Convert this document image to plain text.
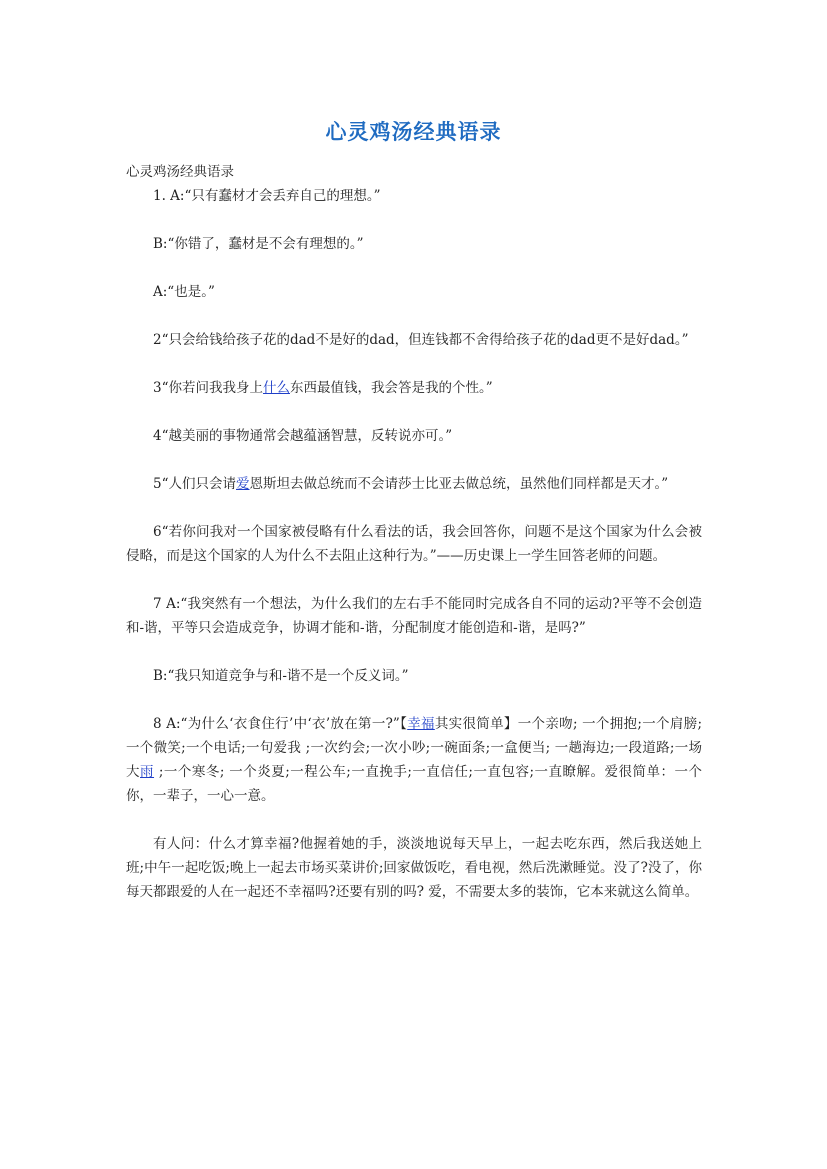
心灵鸡汤经典语录
心灵鸡汤经典语录

1. A:“只有蠢材才会丢弃自己的理想。”

B:“你错了，蠢材是不会有理想的。”

A:“也是。”

2“只会给钱给孩子花的dad不是好的dad，但连钱都不舍得给孩子花的dad更不是好dad。”

3“你若问我我身上什么东西最值钱，我会答是我的个性。”

4“越美丽的事物通常会越蕴涵智慧，反转说亦可。”

5“人们只会请爱恩斯坦去做总统而不会请莎士比亚去做总统，虽然他们同样都是天才。”

6“若你问我对一个国家被侵略有什么看法的话，我会回答你，问题不是这个国家为什么会被侵略，而是这个国家的人为什么不去阻止这种行为。”——历史课上一学生回答老师的问题。

7 A:“我突然有一个想法，为什么我们的左右手不能同时完成各自不同的运动?平等不会创造和-谐，平等只会造成竞争，协调才能和-谐，分配制度才能创造和-谐，是吗?”

B:“我只知道竞争与和-谐不是一个反义词。”

8 A:“为什么‘衣食住行’中‘衣’放在第一?”【幸福其实很简单】一个亲吻; 一个拥抱;一个肩膀;一个微笑;一个电话;一句爱我 ;一次约会;一次小吵;一碗面条;一盒便当; 一趟海边;一段道路;一场大雨 ;一个寒冬; 一个炎夏;一程公车;一直挽手;一直信任;一直包容;一直瞭解。爱很简单：一个你，一辈子，一心一意。

有人问：什么才算幸福?他握着她的手，淡淡地说每天早上，一起去吃东西，然后我送她上班;中午一起吃饭;晚上一起去市场买菜讲价;回家做饭吃，看电视，然后洗漱睡觉。没了?没了，你每天都跟爱的人在一起还不幸福吗?还要有别的吗? 爱，不需要太多的装饰，它本来就这么简单。
